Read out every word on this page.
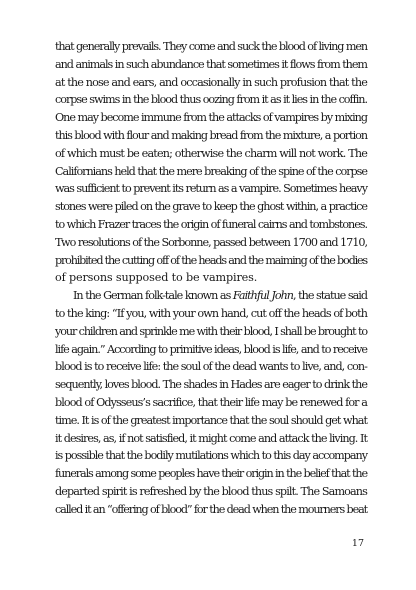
that generally prevails. They come and suck the blood of living men
and animals in such abundance that sometimes it flows from them
at the nose and ears, and occasionally in such profusion that the
corpse swims in the blood thus oozing from it as it lies in the coffin.
One may become immune from the attacks of vampires by mixing
this blood with flour and making bread from the mixture, a portion
of which must be eaten; otherwise the charm will not work. The
Californians held that the mere breaking of the spine of the corpse
was sufficient to prevent its return as a vampire. Sometimes heavy
stones were piled on the grave to keep the ghost within, a practice
to which Frazer traces the origin of funeral cairns and tombstones.
Two resolutions of the Sorbonne, passed between 1700 and 1710,
prohibited the cutting off of the heads and the maiming of the bodies
of persons supposed to be vampires.

In the German folk-tale known as Faithful John, the statue said
to the king: “If you, with your own hand, cut off the heads of both
your children and sprinkle me with their blood, I shall be brought to
life again.” According to primitive ideas, blood is life, and to receive
blood is to receive life: the soul of the dead wants to live, and, con-
sequently, loves blood. The shades in Hades are eager to drink the
blood of Odysseus’s sacrifice, that their life may be renewed for a
time. It is of the greatest importance that the soul should get what
it desires, as, if not satisfied, it might come and attack the living. It
is possible that the bodily mutilations which to this day accompany
funerals among some peoples have their origin in the belief that the
departed spirit is refreshed by the blood thus spilt. The Samoans
called it an “offering of blood” for the dead when the mourners beat

17
